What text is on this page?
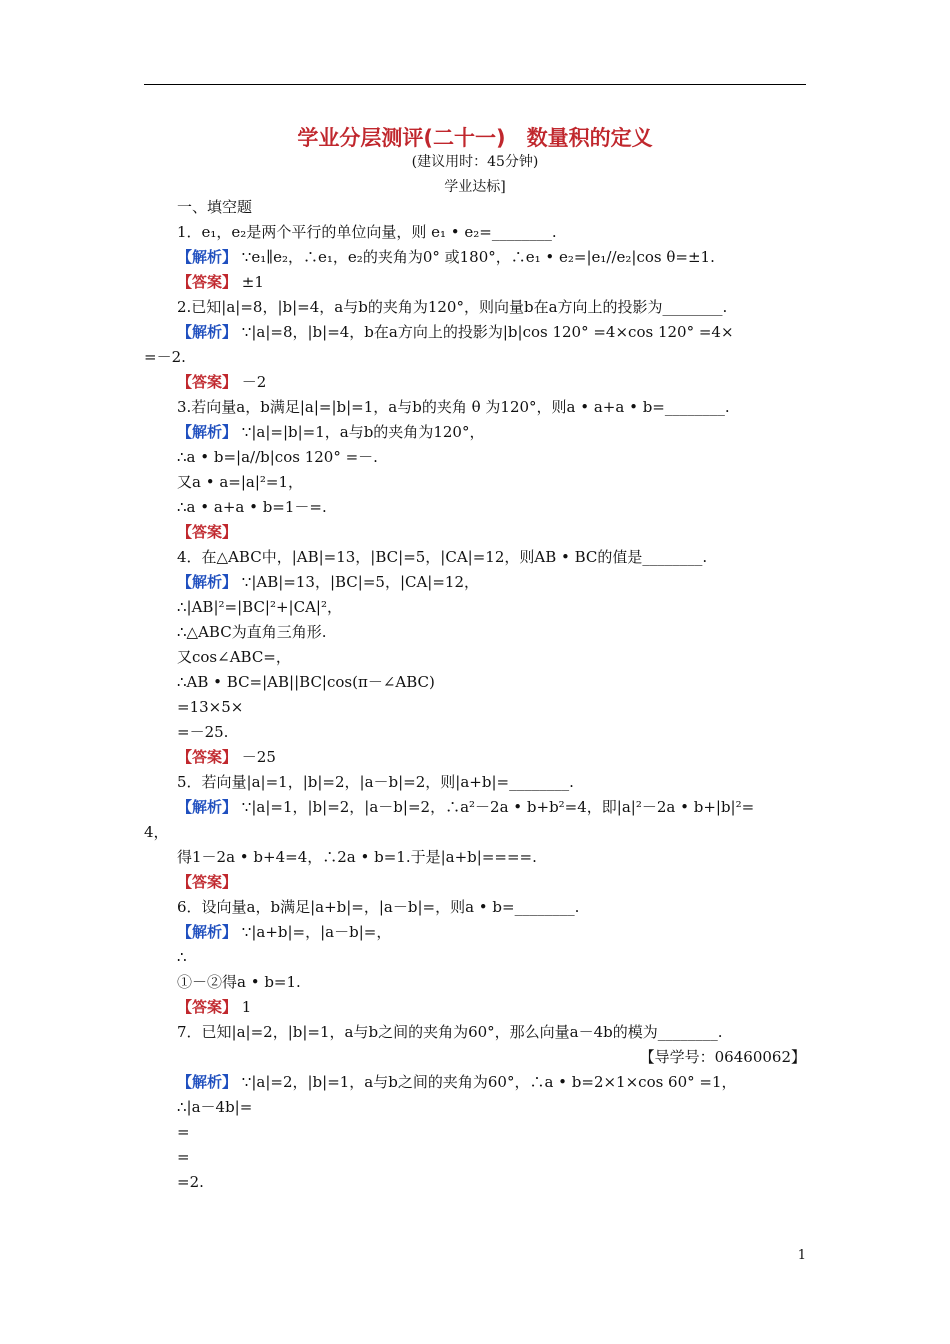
学业分层测评(二十一)　数量积的定义
(建议用时：45分钟)
学业达标]
一、填空题
1．e₁，e₂是两个平行的单位向量，则 e₁ • e₂=________.
【解析】 ∵e₁∥e₂，∴e₁，e₂的夹角为0° 或180°，∴e₁ • e₂=|e₁//e₂|cos θ=±1.
【答案】 ±1
2.已知|a|=8，|b|=4，a与b的夹角为120°，则向量b在a方向上的投影为________.
【解析】 ∵|a|=8，|b|=4，b在a方向上的投影为|b|cos 120° =4×cos 120° =4×
=－2.
【答案】 －2
3.若向量a，b满足|a|=|b|=1，a与b的夹角 θ 为120°，则a • a+a • b=________.
【解析】 ∵|a|=|b|=1，a与b的夹角为120°，
∴a • b=|a//b|cos 120° =－.
又a • a=|a|²=1，
∴a • a+a • b=1－=.
【答案】
4．在△ABC中，|AB|=13，|BC|=5，|CA|=12，则AB • BC的值是________.
【解析】 ∵|AB|=13，|BC|=5，|CA|=12，
∴|AB|²=|BC|²+|CA|²，
∴△ABC为直角三角形.
又cos∠ABC=，
∴AB • BC=|AB||BC|cos(π－∠ABC)
=13×5×
=－25.
【答案】 －25
5．若向量|a|=1，|b|=2，|a－b|=2，则|a+b|=________.
【解析】 ∵|a|=1，|b|=2，|a－b|=2，∴a²－2a • b+b²=4，即|a|²－2a • b+|b|²=
4，
得1－2a • b+4=4，∴2a • b=1.于是|a+b|====.
【答案】
6．设向量a，b满足|a+b|=，|a－b|=，则a • b=________.
【解析】 ∵|a+b|=，|a－b|=，
∴
①－②得a • b=1.
【答案】 1
7．已知|a|=2，|b|=1，a与b之间的夹角为60°，那么向量a－4b的模为________.
【导学号：06460062】
【解析】 ∵|a|=2，|b|=1，a与b之间的夹角为60°，∴a • b=2×1×cos 60° =1，
∴|a－4b|=
=
=
=2.
1
